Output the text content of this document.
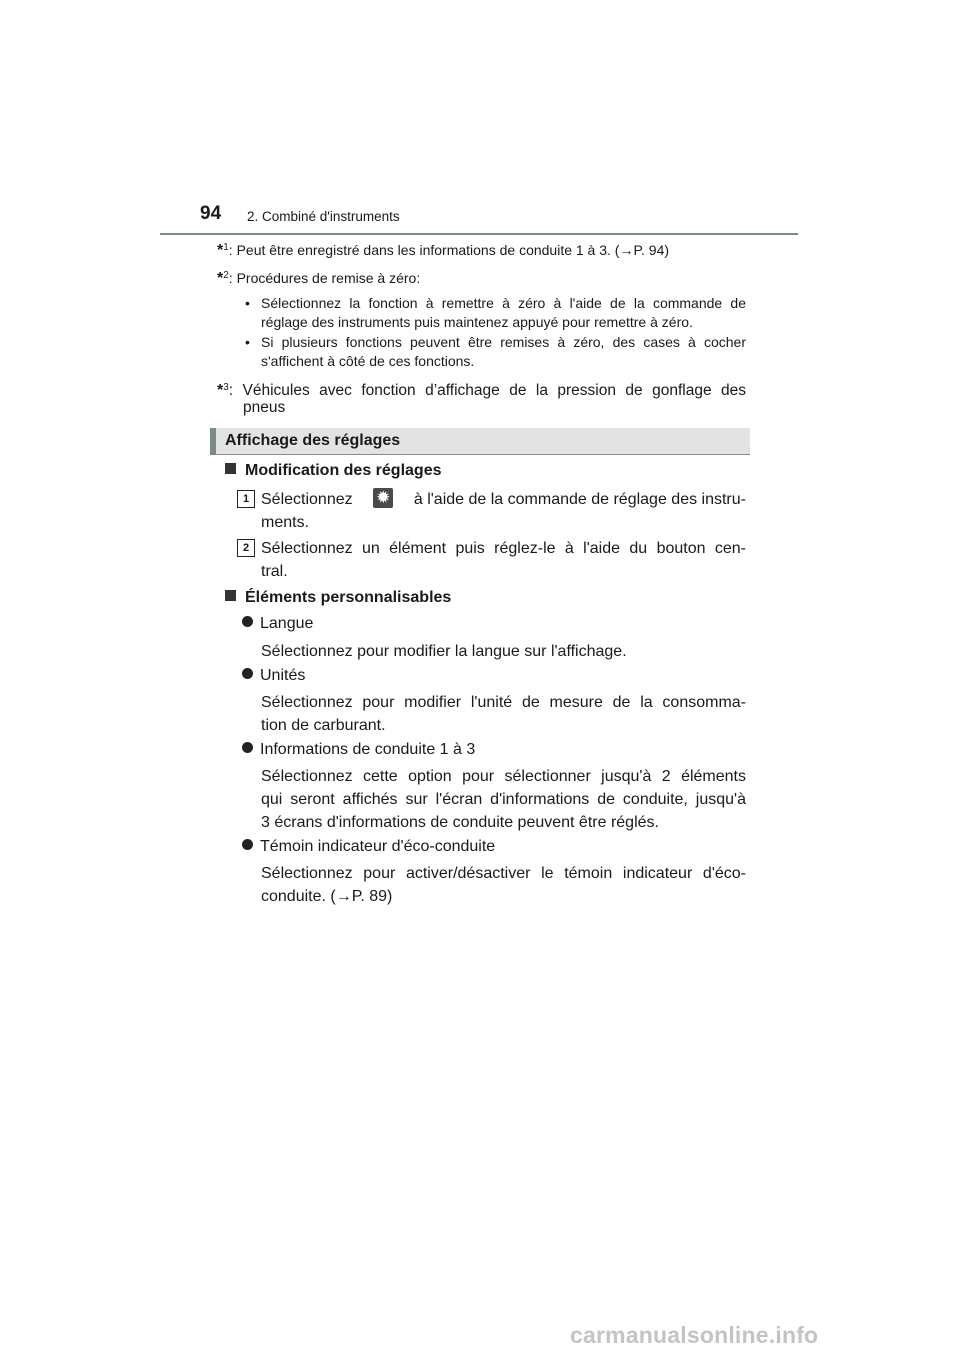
94 2. Combiné d'instruments
*$^1$: Peut être enregistré dans les informations de conduite 1 à 3. (→P. 94)
*$^2$: Procédures de remise à zéro:
• Sélectionnez la fonction à remettre à zéro à l'aide de la commande de
réglage des instruments puis maintenez appuyé pour remettre à zéro.
• Si plusieurs fonctions peuvent être remises à zéro, des cases à cocher
s'affichent à côté de ces fonctions.
*$^3$: Véhicules avec fonction d’affichage de la pression de gonflage des
pneus
Affichage des réglages
Modification des réglages
1 Sélectionnez ✹ à l'aide de la commande de réglage des instru-
ments.
2 Sélectionnez un élément puis réglez-le à l'aide du bouton cen-
tral.
Éléments personnalisables
Langue
Sélectionnez pour modifier la langue sur l'affichage.
Unités
Sélectionnez pour modifier l'unité de mesure de la consomma-
tion de carburant.
Informations de conduite 1 à 3
Sélectionnez cette option pour sélectionner jusqu'à 2 éléments
qui seront affichés sur l'écran d'informations de conduite, jusqu'à
3 écrans d'informations de conduite peuvent être réglés.
Témoin indicateur d'éco-conduite
Sélectionnez pour activer/désactiver le témoin indicateur d'éco-
conduite. (→P. 89)
carmanualsonline.info
